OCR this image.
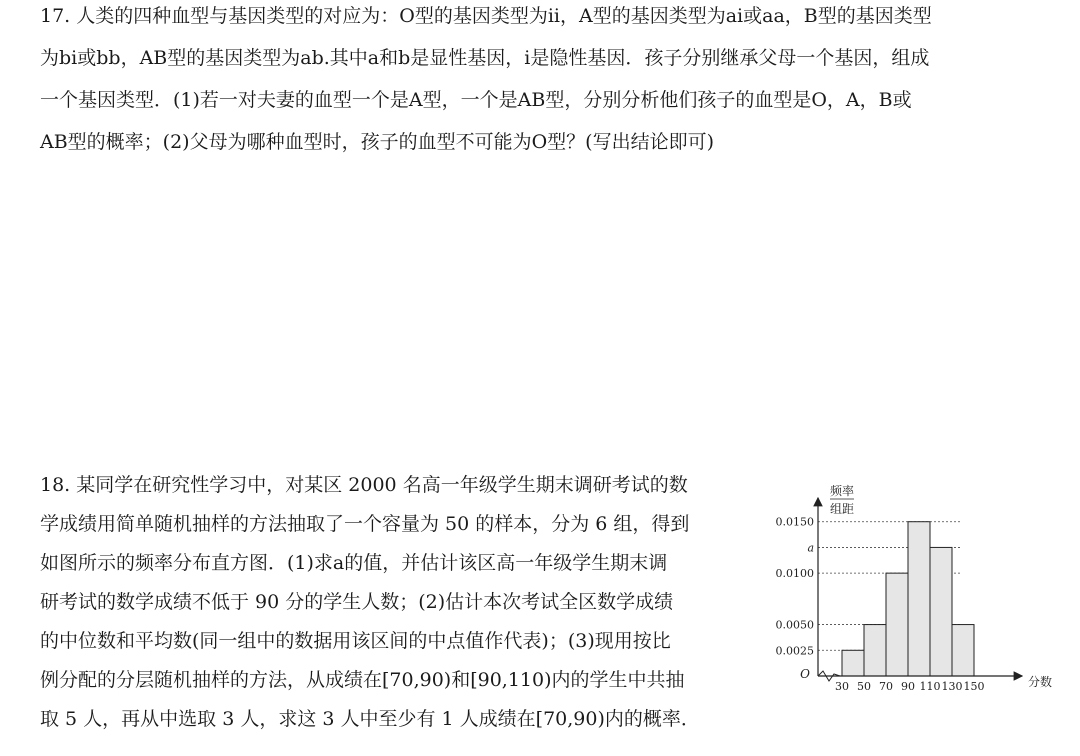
17. 人类的四种血型与基因类型的对应为：O型的基因类型为ii，A型的基因类型为ai或aa，B型的基因类型
为bi或bb，AB型的基因类型为ab.其中a和b是显性基因，i是隐性基因．孩子分别继承父母一个基因，组成
一个基因类型．(1)若一对夫妻的血型一个是A型，一个是AB型，分别分析他们孩子的血型是O，A，B或
AB型的概率；(2)父母为哪种血型时，孩子的血型不可能为O型？(写出结论即可)
18. 某同学在研究性学习中，对某区 2000 名高一年级学生期末调研考试的数
学成绩用简单随机抽样的方法抽取了一个容量为 50 的样本，分为 6 组，得到
如图所示的频率分布直方图．(1)求a的值，并估计该区高一年级学生期末调
研考试的数学成绩不低于 90 分的学生人数；(2)估计本次考试全区数学成绩
的中位数和平均数(同一组中的数据用该区间的中点值作代表)；(3)现用按比
例分配的分层随机抽样的方法，从成绩在[70,90)和[90,110)内的学生中共抽
取 5 人，再从中选取 3 人，求这 3 人中至少有 1 人成绩在[70,90)内的概率．
频率
组距
分数
O
0.0025
0.0050
a
0.0100
0.0150
30 50 70 90 110 130 150
